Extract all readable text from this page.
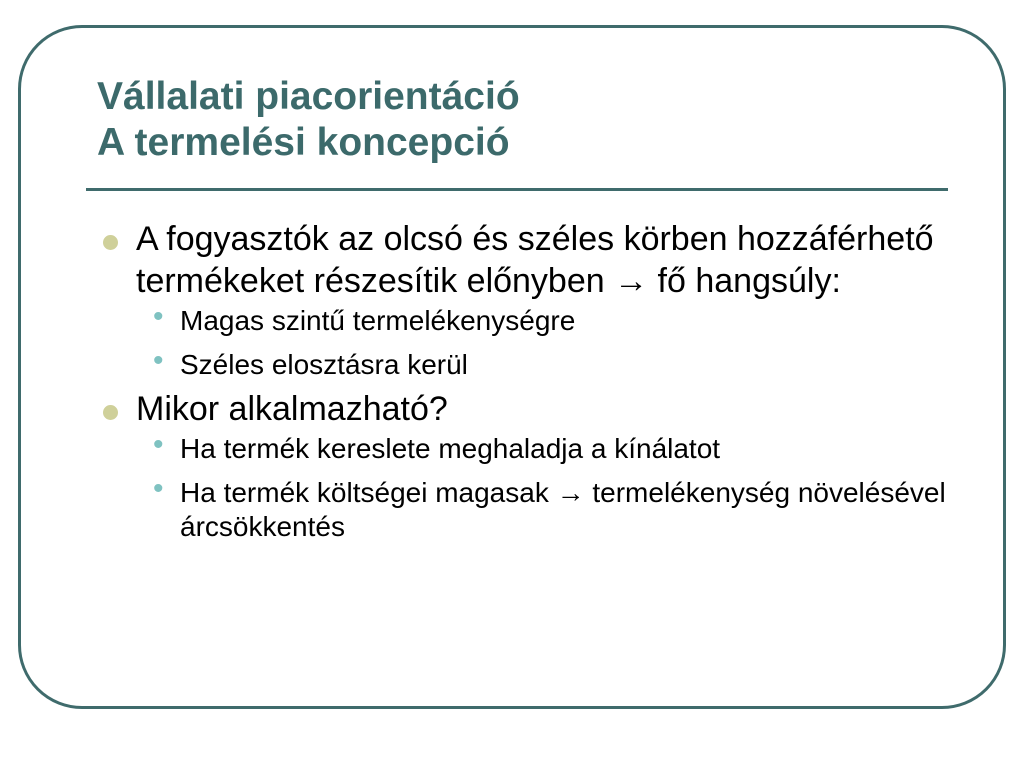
Vállalati piacorientáció
A termelési koncepció
A fogyasztók az olcsó és széles körben hozzáférhető termékeket részesítik előnyben → fő hangsúly:
• Magas szintű termelékenységre
• Széles elosztásra kerül
Mikor alkalmazható?
• Ha termék kereslete meghaladja a kínálatot
• Ha termék költségei magasak → termelékenység növelésével árcsökkentés
